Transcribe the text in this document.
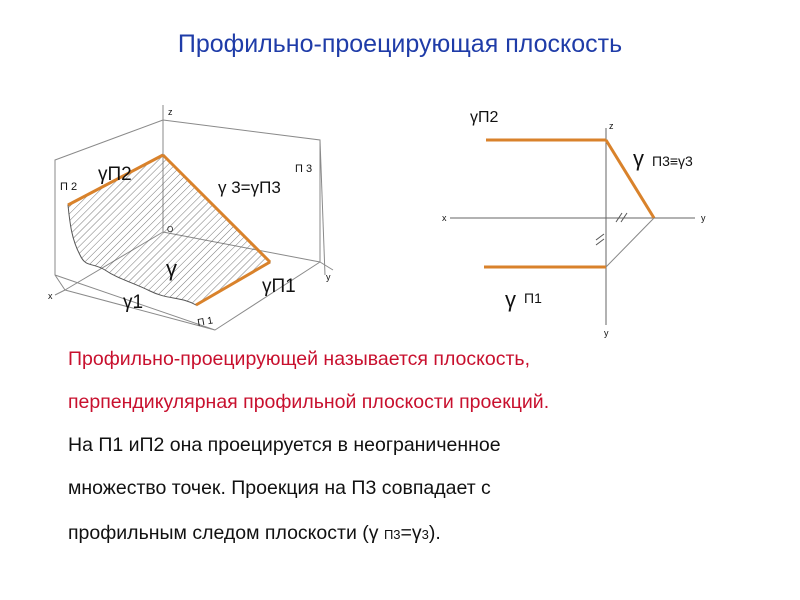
Профильно-проецирующая плоскость
z
x
y
П 2
П 3
O
γП2
γ 3=γП3
γ
γП1
γ1
П 1
γП2	z
γ П3≡γ3
x	y
y
γ П1
Профильно-проецирующей называется плоскость,
перпендикулярная профильной плоскости проекций.
На П1 иП2 она проецируется в неограниченное
множество точек. Проекция на П3 совпадает с
профильным следом плоскости (γ П3=γ3).
